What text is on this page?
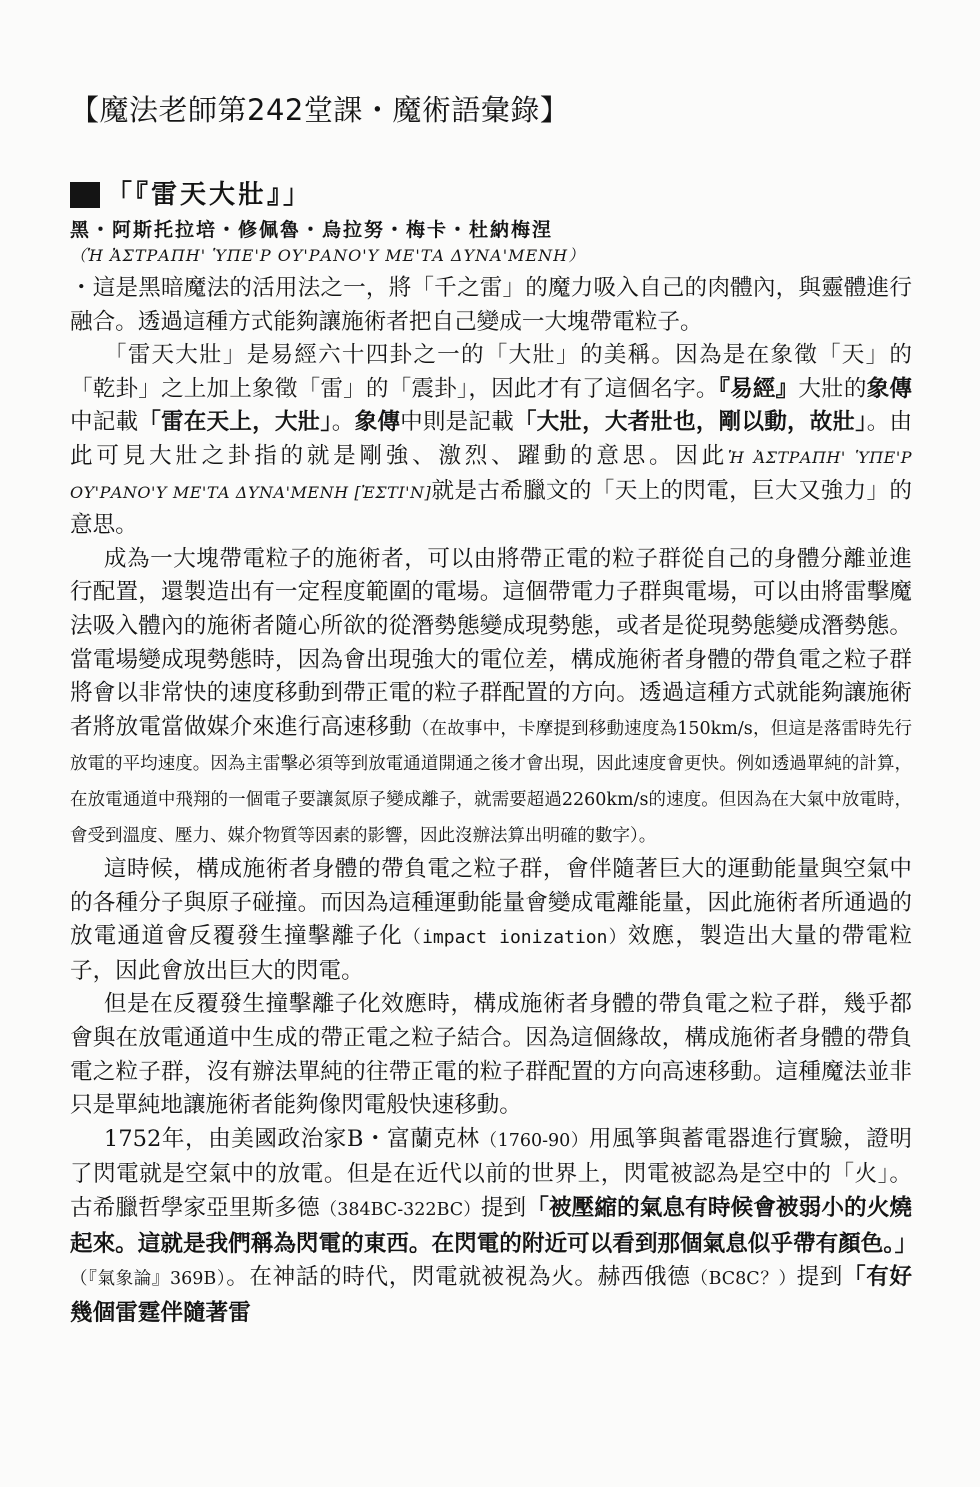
【魔法老師第242堂課・魔術語彙錄】
「『雷天大壯』」

黑・阿斯托拉培・修佩魯・烏拉努・梅卡・杜納梅涅

（Ἡ ἈΣΤΡΑΠΗ' ὙΠΕ'Ρ ΟΥ'ΡΑΝΟ'Υ ΜΕ'ΤΑ ΔΥΝΑ'ΜΕΝΗ）

・這是黑暗魔法的活用法之一，將「千之雷」的魔力吸入自己的肉體內，與靈體進行融合。透過這種方式能夠讓施術者把自己變成一大塊帶電粒子。

「雷天大壯」是易經六十四卦之一的「大壯」的美稱。因為是在象徵「天」的「乾卦」之上加上象徵「雷」的「震卦」，因此才有了這個名字。『易經』大壯的象傳中記載「雷在天上，大壯」。象傳中則是記載「大壯，大者壯也，剛以動，故壯」。由此可見大壯之卦指的就是剛強、激烈、躍動的意思。因此Ἡ ἈΣΤΡΑΠΗ' ὙΠΕ'Ρ ΟΥ'ΡΑΝΟ'Υ ΜΕ'ΤΑ ΔΥΝΑ'ΜΕΝΗ [ἘΣΤΙ'Ν]就是古希臘文的「天上的閃電，巨大又強力」的意思。

成為一大塊帶電粒子的施術者，可以由將帶正電的粒子群從自己的身體分離並進行配置，還製造出有一定程度範圍的電場。這個帶電力子群與電場，可以由將雷擊魔法吸入體內的施術者隨心所欲的從潛勢態變成現勢態，或者是從現勢態變成潛勢態。當電場變成現勢態時，因為會出現強大的電位差，構成施術者身體的帶負電之粒子群將會以非常快的速度移動到帶正電的粒子群配置的方向。透過這種方式就能夠讓施術者將放電當做媒介來進行高速移動（在故事中，卡摩提到移動速度為150km/s，但這是落雷時先行放電的平均速度。因為主雷擊必須等到放電通道開通之後才會出現，因此速度會更快。例如透過單純的計算，在放電通道中飛翔的一個電子要讓氮原子變成離子，就需要超過2260km/s的速度。但因為在大氣中放電時，會受到溫度、壓力、媒介物質等因素的影響，因此沒辦法算出明確的數字）。

這時候，構成施術者身體的帶負電之粒子群，會伴隨著巨大的運動能量與空氣中的各種分子與原子碰撞。而因為這種運動能量會變成電離能量，因此施術者所通過的放電通道會反覆發生撞擊離子化（impact ionization）效應，製造出大量的帶電粒子，因此會放出巨大的閃電。

但是在反覆發生撞擊離子化效應時，構成施術者身體的帶負電之粒子群，幾乎都會與在放電通道中生成的帶正電之粒子結合。因為這個緣故，構成施術者身體的帶負電之粒子群，沒有辦法單純的往帶正電的粒子群配置的方向高速移動。這種魔法並非只是單純地讓施術者能夠像閃電般快速移動。

1752年，由美國政治家B・富蘭克林（1760-90）用風箏與蓄電器進行實驗，證明了閃電就是空氣中的放電。但是在近代以前的世界上，閃電被認為是空中的「火」。古希臘哲學家亞里斯多德（384BC-322BC）提到「被壓縮的氣息有時候會被弱小的火燒起來。這就是我們稱為閃電的東西。在閃電的附近可以看到那個氣息似乎帶有顏色。」（『氣象論』369B）。在神話的時代，閃電就被視為火。赫西俄德（BC8C？）提到「有好幾個雷霆伴隨著雷
